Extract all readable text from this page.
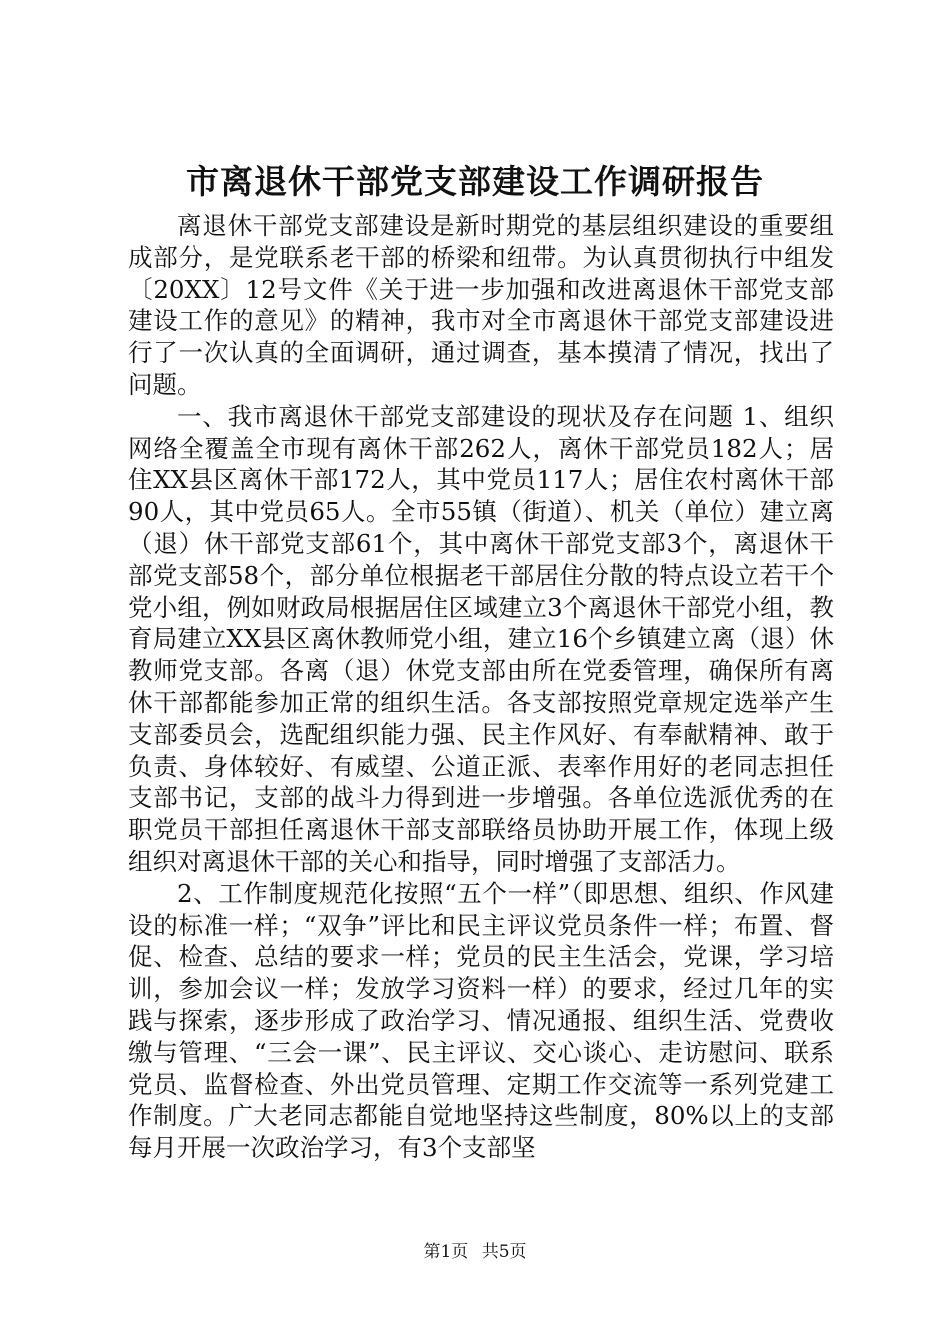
市离退休干部党支部建设工作调研报告

离退休干部党支部建设是新时期党的基层组织建设的重要组成部分，是党联系老干部的桥梁和纽带。为认真贯彻执行中组发〔20XX〕12号文件《关于进一步加强和改进离退休干部党支部建设工作的意见》的精神，我市对全市离退休干部党支部建设进行了一次认真的全面调研，通过调查，基本摸清了情况，找出了问题。

一、我市离退休干部党支部建设的现状及存在问题 1、组织网络全覆盖全市现有离休干部262人，离休干部党员182人；居住XX县区离休干部172人，其中党员117人；居住农村离休干部90人，其中党员65人。全市55镇（街道）、机关（单位）建立离（退）休干部党支部61个，其中离休干部党支部3个，离退休干部党支部58个，部分单位根据老干部居住分散的特点设立若干个党小组，例如财政局根据居住区域建立3个离退休干部党小组，教育局建立XX县区离休教师党小组，建立16个乡镇建立离（退）休教师党支部。各离（退）休党支部由所在党委管理，确保所有离休干部都能参加正常的组织生活。各支部按照党章规定选举产生支部委员会，选配组织能力强、民主作风好、有奉献精神、敢于负责、身体较好、有威望、公道正派、表率作用好的老同志担任支部书记，支部的战斗力得到进一步增强。各单位选派优秀的在职党员干部担任离退休干部支部联络员协助开展工作，体现上级组织对离退休干部的关心和指导，同时增强了支部活力。

2、工作制度规范化按照“五个一样”（即思想、组织、作风建设的标准一样；“双争”评比和民主评议党员条件一样；布置、督促、检查、总结的要求一样；党员的民主生活会，党课，学习培训，参加会议一样；发放学习资料一样）的要求，经过几年的实践与探索，逐步形成了政治学习、情况通报、组织生活、党费收缴与管理、“三会一课”、民主评议、交心谈心、走访慰问、联系党员、监督检查、外出党员管理、定期工作交流等一系列党建工作制度。广大老同志都能自觉地坚持这些制度，80%以上的支部每月开展一次政治学习，有3个支部坚

第1页 共5页
